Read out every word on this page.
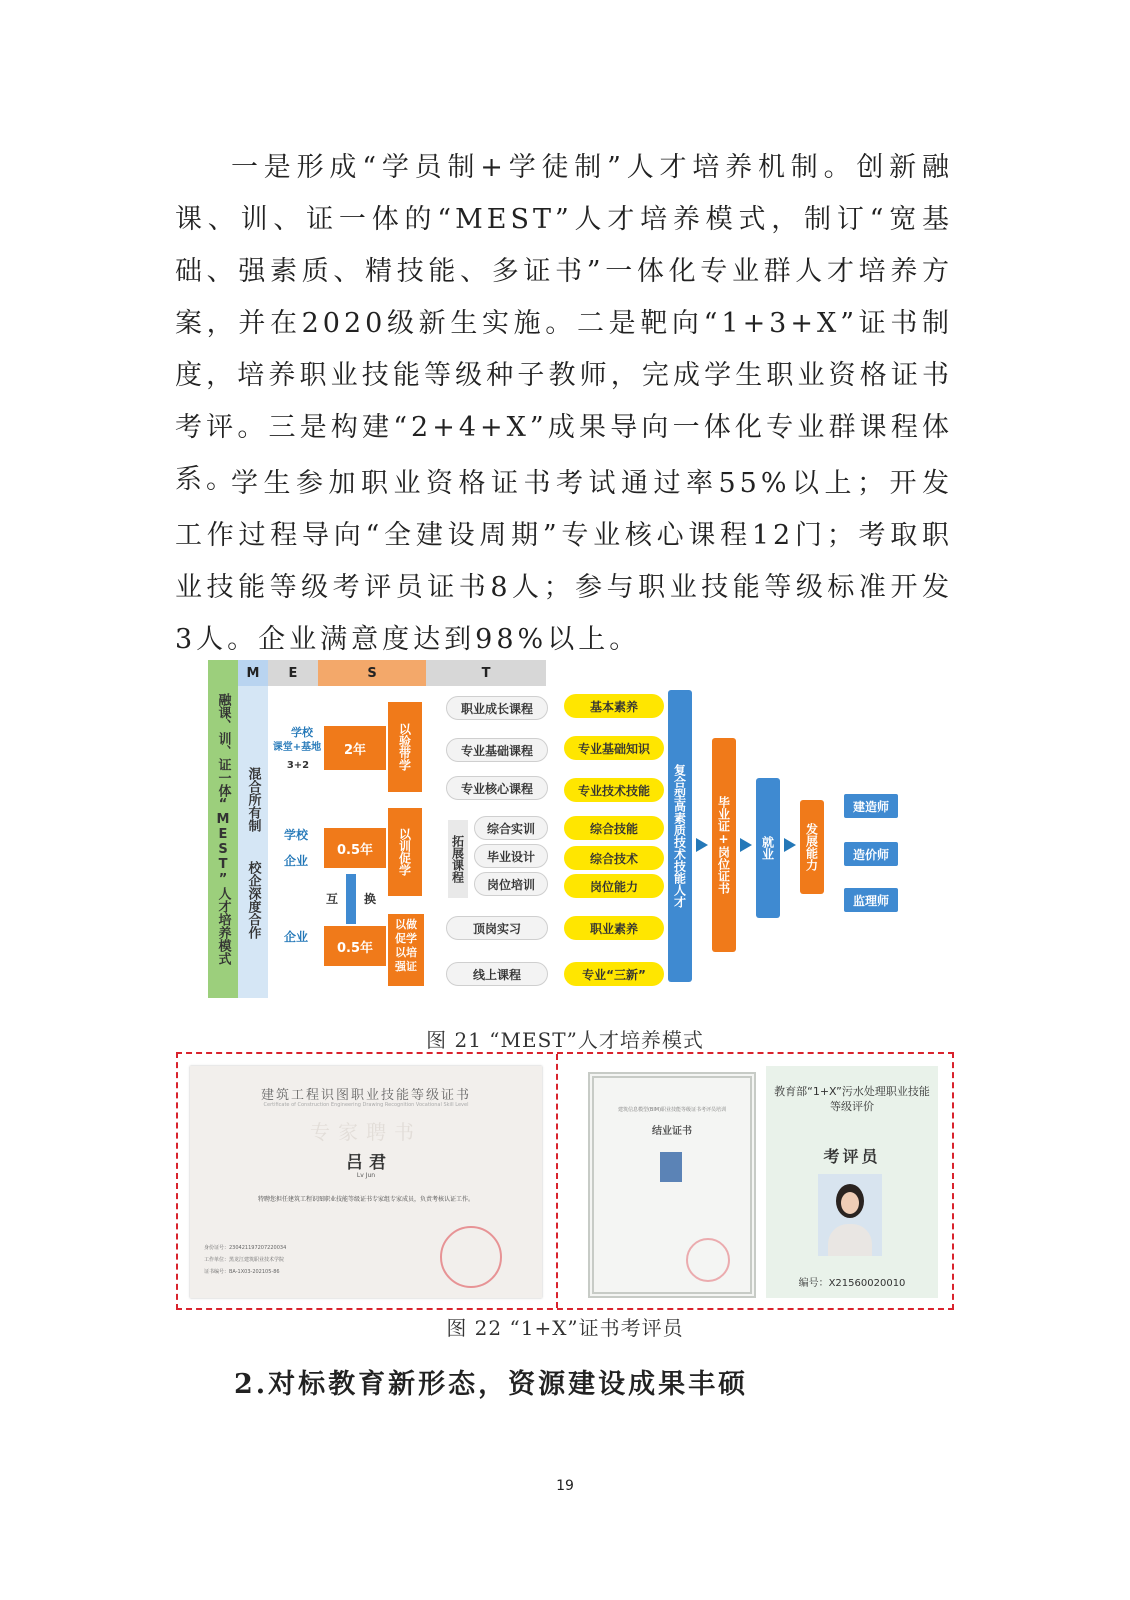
一是形成“学员制+学徒制”人才培养机制。创新融课、训、证一体的“MEST”人才培养模式，制订“宽基础、强素质、精技能、多证书”一体化专业群人才培养方案，并在2020级新生实施。二是靶向“1+3+X”证书制度，培养职业技能等级种子教师，完成学生职业资格证书考评。三是构建“2+4+X”成果导向一体化专业群课程体系。

学生参加职业资格证书考试通过率55%以上；开发工作过程导向“全建设周期”专业核心课程12门；考取职业技能等级考评员证书8人；参与职业技能等级标准开发3人。企业满意度达到98%以上。

融课、训、证一体“MEST”人才培养模式
M	E	S	T
混合所有制
校企深度合作
学校
课堂+基地
3+2
2年	以验带学
学校
企业
0.5年	以训促学
互 换
企业
0.5年
以做促学以培强证
职业成长课程
专业基础课程
专业核心课程
拓展课程
综合实训
毕业设计
岗位培训
顶岗实习
线上课程
基本素养
专业基础知识
专业技术技能
综合技能
综合技术
岗位能力
职业素养
专业“三新”
复合型高素质技术技能人才	毕业证+岗位证书	就业	发展能力
建造师
造价师
监理师
图 21 “MEST”人才培养模式
建筑工程识图职业技能等级证书
Certificate of Construction Engineering Drawing Recognition Vocational Skill Level
专家聘书
吕 君
Lv Jun
特聘您担任建筑工程识图职业技能等级证书专家组专家成员，负责考核认证工作。
身份证号：230421197207220034
工作单位：黑龙江建筑职业技术学院
证书编号：BA-1X03-202105-86
建筑信息模型(BIM)职业技能等级证书考评员培训
结业证书
教育部“1+X”污水处理职业技能等级评价
考评员
编号：X21560020010
图 22 “1+X”证书考评员

2.对标教育新形态，资源建设成果丰硕

19
